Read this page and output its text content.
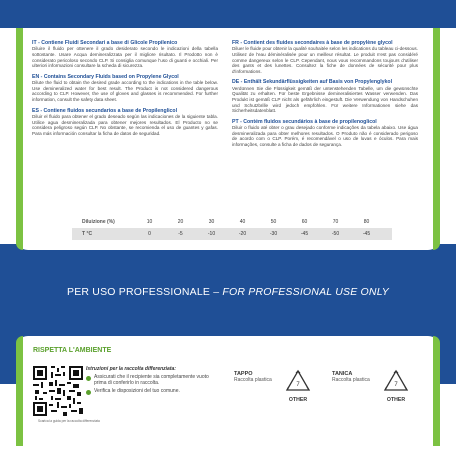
IT - Contiene Fluidi Secondari a base di Glicole Propilenico
Diluire il fluido per ottenere il grado desiderato secondo le indicazioni della tabella sottostante. Usare Acqua demineralizzata per il migliore risultato. Il Prodotto non è considerato pericoloso secondo CLP. Si consiglia comunque l'uso di guanti e occhiali. Per ulteriori informazioni consultare la scheda di sicurezza.
EN - Contains Secondary Fluids based on Propylene Glycol
Dilute the fluid to obtain the desired grade according to the indications in the table below. Use demineralized water for best result. The Product is not considered dangerous according to CLP. However, the use of gloves and glasses is recommended. For further information, consult the safety data sheet.
ES - Contiene fluidos secundarios a base de Propilenglicol
Diluir el fluido para obtener el grado deseado según las indicaciones de la siguiente tabla. Utilice agua desmineralizada para obtener mejores resultados. El Producto no se considera peligroso según CLP. No obstante, se recomienda el uso de guantes y gafas. Para más información consultar la ficha de datos de seguridad.
FR - Contient des fluides secondaires à base de propylène glycol
Diluer le fluide pour obtenir la qualité souhaitée selon les indications du tableau ci-dessous. Utilisez de l'eau déminéralisée pour un meilleur résultat. Le produit n'est pas considéré comme dangereux selon le CLP. Cependant, nous vous recommandons toujours d'utiliser des gants et des lunettes. Consultez la fiche de données de sécurité pour plus d'informations.
DE - Enthält Sekundärflüssigkeiten auf Basis von Propylenglykol
Verdünnen Sie die Flüssigkeit gemäß der untenstehenden Tabelle, um die gewünschte Qualität zu erhalten. Für beste Ergebnisse demineralisiertes Wasser verwenden. Das Produkt ist gemäß CLP nicht als gefährlich eingestuft. Die Verwendung von Handschuhen und Schutzbrille wird jedoch empfohlen. Für weitere Informationen siehe das Sicherheitsdatenblatt.
PT - Contém fluidos secundários à base de propilenoglicol
Diluir o fluido até obter o grau desejado conforme indicações da tabela abaixo. Use água desmineralizada para obter melhores resultados. O Produto não é considerado perigoso de acordo com o CLP. Porém, é recomendável o uso de luvas e óculos. Para mais informações, consulte a ficha de dados de segurança.
Diluizione (%)	10	20	30	40	50	60	70	80
T °C	0	-5	-10	-20	-30	-45	-50	-45
PER USO PROFESSIONALE – FOR PROFESSIONAL USE ONLY
RISPETTA L'AMBIENTE
Scarica la guida per la raccolta differenziata
Istruzioni per la raccolta differenziata:
Assicurati che il recipiente sia completamente vuoto prima di conferirlo in raccolta.
Verifica le disposizioni del tuo comune.
TAPPO
Raccolta plastica
7
OTHER
TANICA
Raccolta plastica
7
OTHER
